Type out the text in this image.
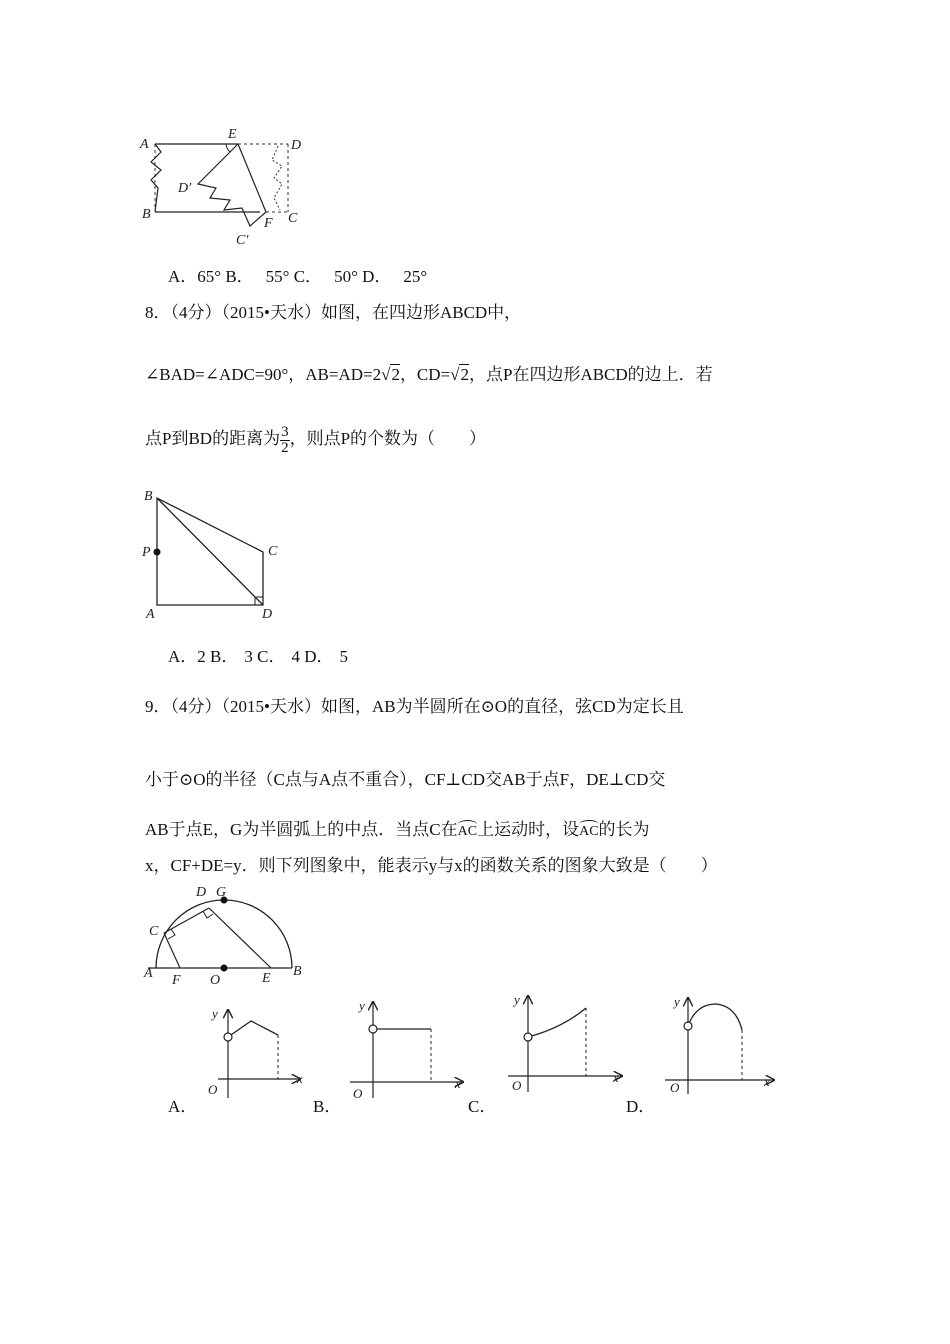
A
E
D
D′
B
F C
C′
A．65° B． 55° C． 50° D． 25°
8．（4分）（2015•天水）如图，在四边形ABCD中，
∠BAD=∠ADC=90°，AB=AD=2√2，CD=√2，点P在四边形ABCD的边上．若
点P到BD的距离为 $\frac{3}{2}$ ，则点P的个数为（　　）
B
P	C
A	D
A．2 B． 3 C． 4 D． 5
9．（4分）（2015•天水）如图，AB为半圆所在⊙O的直径，弦CD为定长且
小于⊙O的半径（C点与A点不重合），CF⊥CD交AB于点F，DE⊥CD交
AB于点E，G为半圆弧上的中点．当点C在AC上运动时，设AC的长为
x，CF+DE=y．则下列图象中，能表示y与x的函数关系的图象大致是（　　）
D G
C
A F O	E B
y
x
O
y
x
O
y
x
O
y
x
O
A．	B．	C．	D．
